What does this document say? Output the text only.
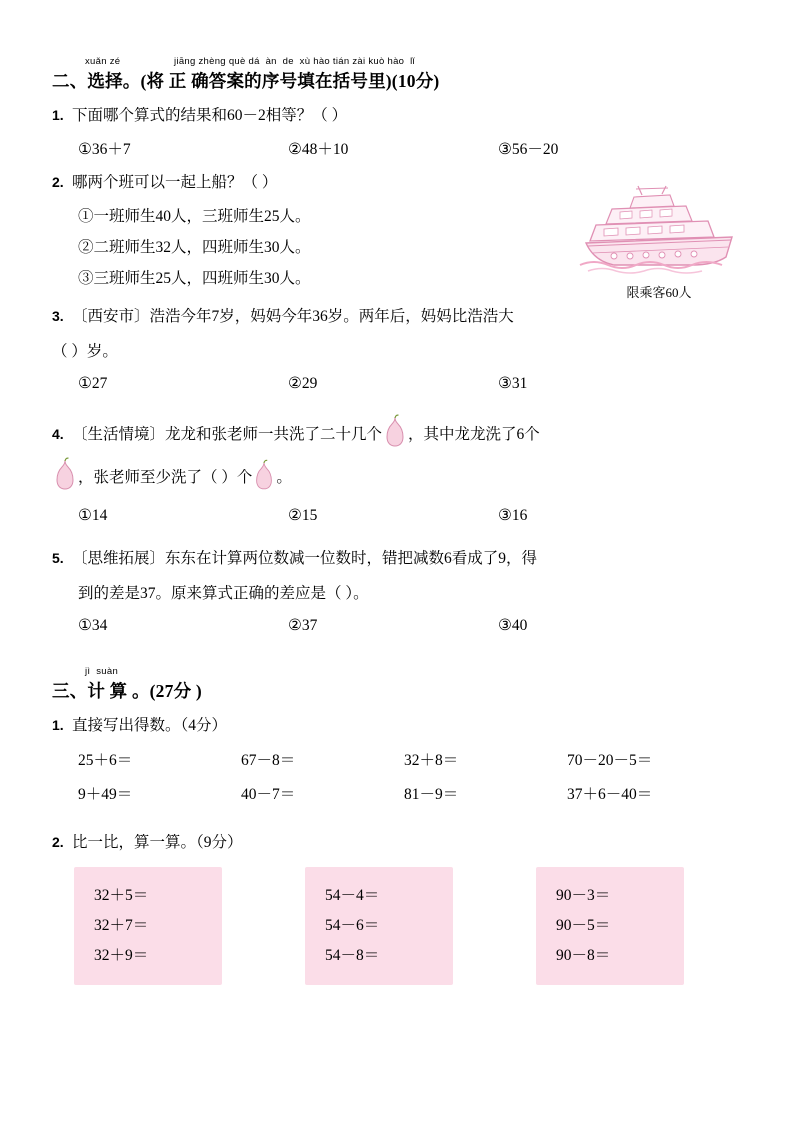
xuǎn zé	jiāng zhèng què dá  àn  de  xù hào tián zài kuò hào  lǐ
二、选择。(将 正 确答案的序号填在括号里)(10分)
1. 下面哪个算式的结果和60－2相等？（ ）
①36＋7	②48＋10	③56－20
2. 哪两个班可以一起上船？（ ）
①一班师生40人，三班师生25人。
②二班师生32人，四班师生30人。
③三班师生25人，四班师生30人。
3. 〔西安市〕浩浩今年7岁，妈妈今年36岁。两年后，妈妈比浩浩大
（ ）岁。
①27	②29	③31
4. 〔生活情境〕龙龙和张老师一共洗了二十几个 ，其中龙龙洗了6个
，张老师至少洗了（ ）个 。
①14	②15	③16
5. 〔思维拓展〕东东在计算两位数减一位数时，错把减数6看成了9，得
到的差是37。原来算式正确的差应是（ ）。
①34	②37	③40
jì  suàn
三、计 算 。(27分 )
1. 直接写出得数。（4分）
25＋6＝	67－8＝	32＋8＝	70－20－5＝
9＋49＝	40－7＝	81－9＝	37＋6－40＝
2. 比一比，算一算。（9分）
32＋5＝
32＋7＝
32＋9＝
54－4＝
54－6＝
54－8＝
90－3＝
90－5＝
90－8＝
限乘客60人
